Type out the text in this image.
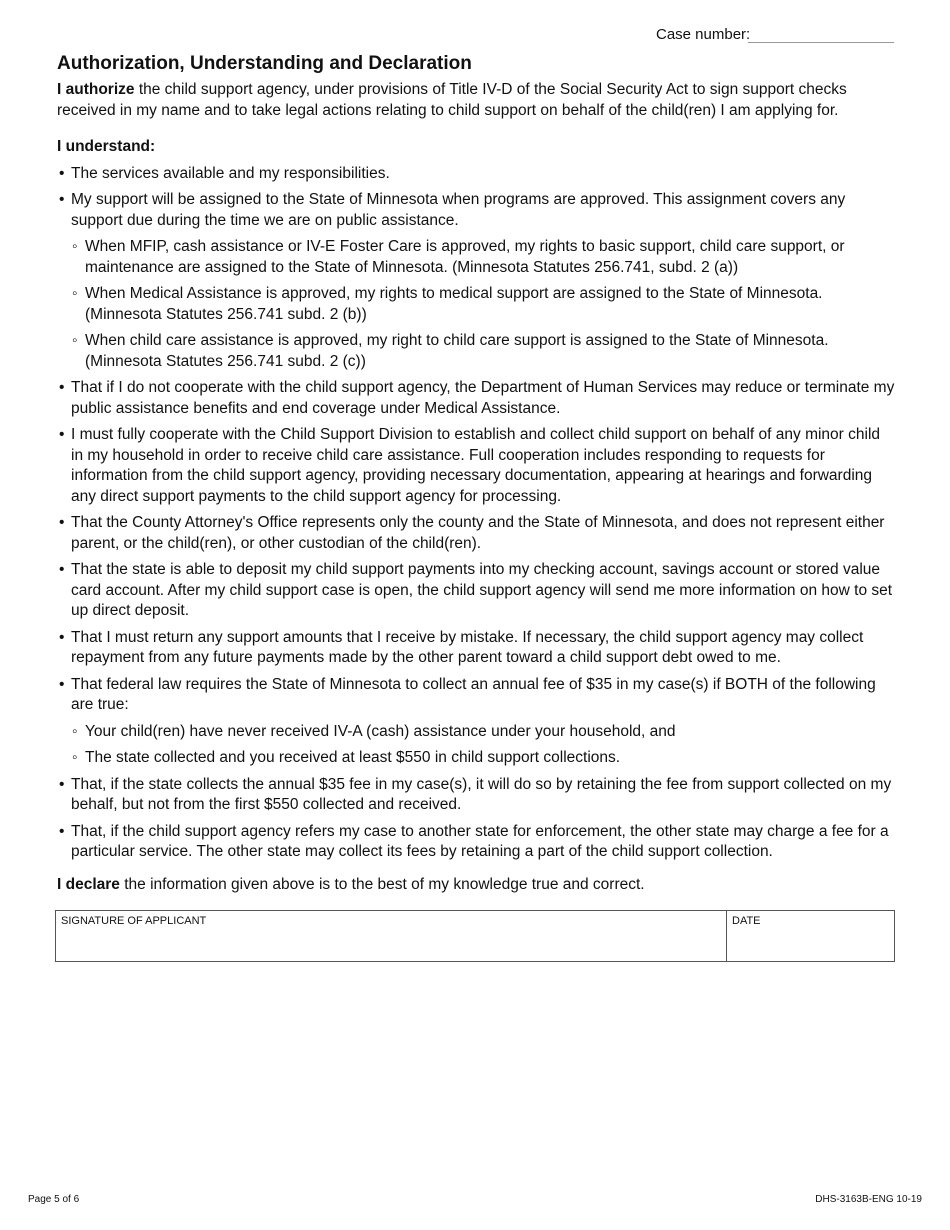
Case number:
Authorization, Understanding and Declaration

I authorize the child support agency, under provisions of Title IV-D of the Social Security Act to sign support checks received in my name and to take legal actions relating to child support on behalf of the child(ren) I am applying for.

I understand:

• The services available and my responsibilities.
• My support will be assigned to the State of Minnesota when programs are approved. This assignment covers any support due during the time we are on public assistance.
◦ When MFIP, cash assistance or IV-E Foster Care is approved, my rights to basic support, child care support, or maintenance are assigned to the State of Minnesota. (Minnesota Statutes 256.741, subd. 2 (a))
◦ When Medical Assistance is approved, my rights to medical support are assigned to the State of Minnesota. (Minnesota Statutes 256.741 subd. 2 (b))
◦ When child care assistance is approved, my right to child care support is assigned to the State of Minnesota. (Minnesota Statutes 256.741 subd. 2 (c))
• That if I do not cooperate with the child support agency, the Department of Human Services may reduce or terminate my public assistance benefits and end coverage under Medical Assistance.
• I must fully cooperate with the Child Support Division to establish and collect child support on behalf of any minor child in my household in order to receive child care assistance. Full cooperation includes responding to requests for information from the child support agency, providing necessary documentation, appearing at hearings and forwarding any direct support payments to the child support agency for processing.
• That the County Attorney's Office represents only the county and the State of Minnesota, and does not represent either parent, or the child(ren), or other custodian of the child(ren).
• That the state is able to deposit my child support payments into my checking account, savings account or stored value card account. After my child support case is open, the child support agency will send me more information on how to set up direct deposit.
• That I must return any support amounts that I receive by mistake. If necessary, the child support agency may collect repayment from any future payments made by the other parent toward a child support debt owed to me.
• That federal law requires the State of Minnesota to collect an annual fee of $35 in my case(s) if BOTH of the following are true:
◦ Your child(ren) have never received IV-A (cash) assistance under your household, and
◦ The state collected and you received at least $550 in child support collections.
• That, if the state collects the annual $35 fee in my case(s), it will do so by retaining the fee from support collected on my behalf, but not from the first $550 collected and received.
• That, if the child support agency refers my case to another state for enforcement, the other state may charge a fee for a particular service. The other state may collect its fees by retaining a part of the child support collection.

I declare the information given above is to the best of my knowledge true and correct.

SIGNATURE OF APPLICANT	DATE
Page 5 of 6	DHS-3163B-ENG 10-19
